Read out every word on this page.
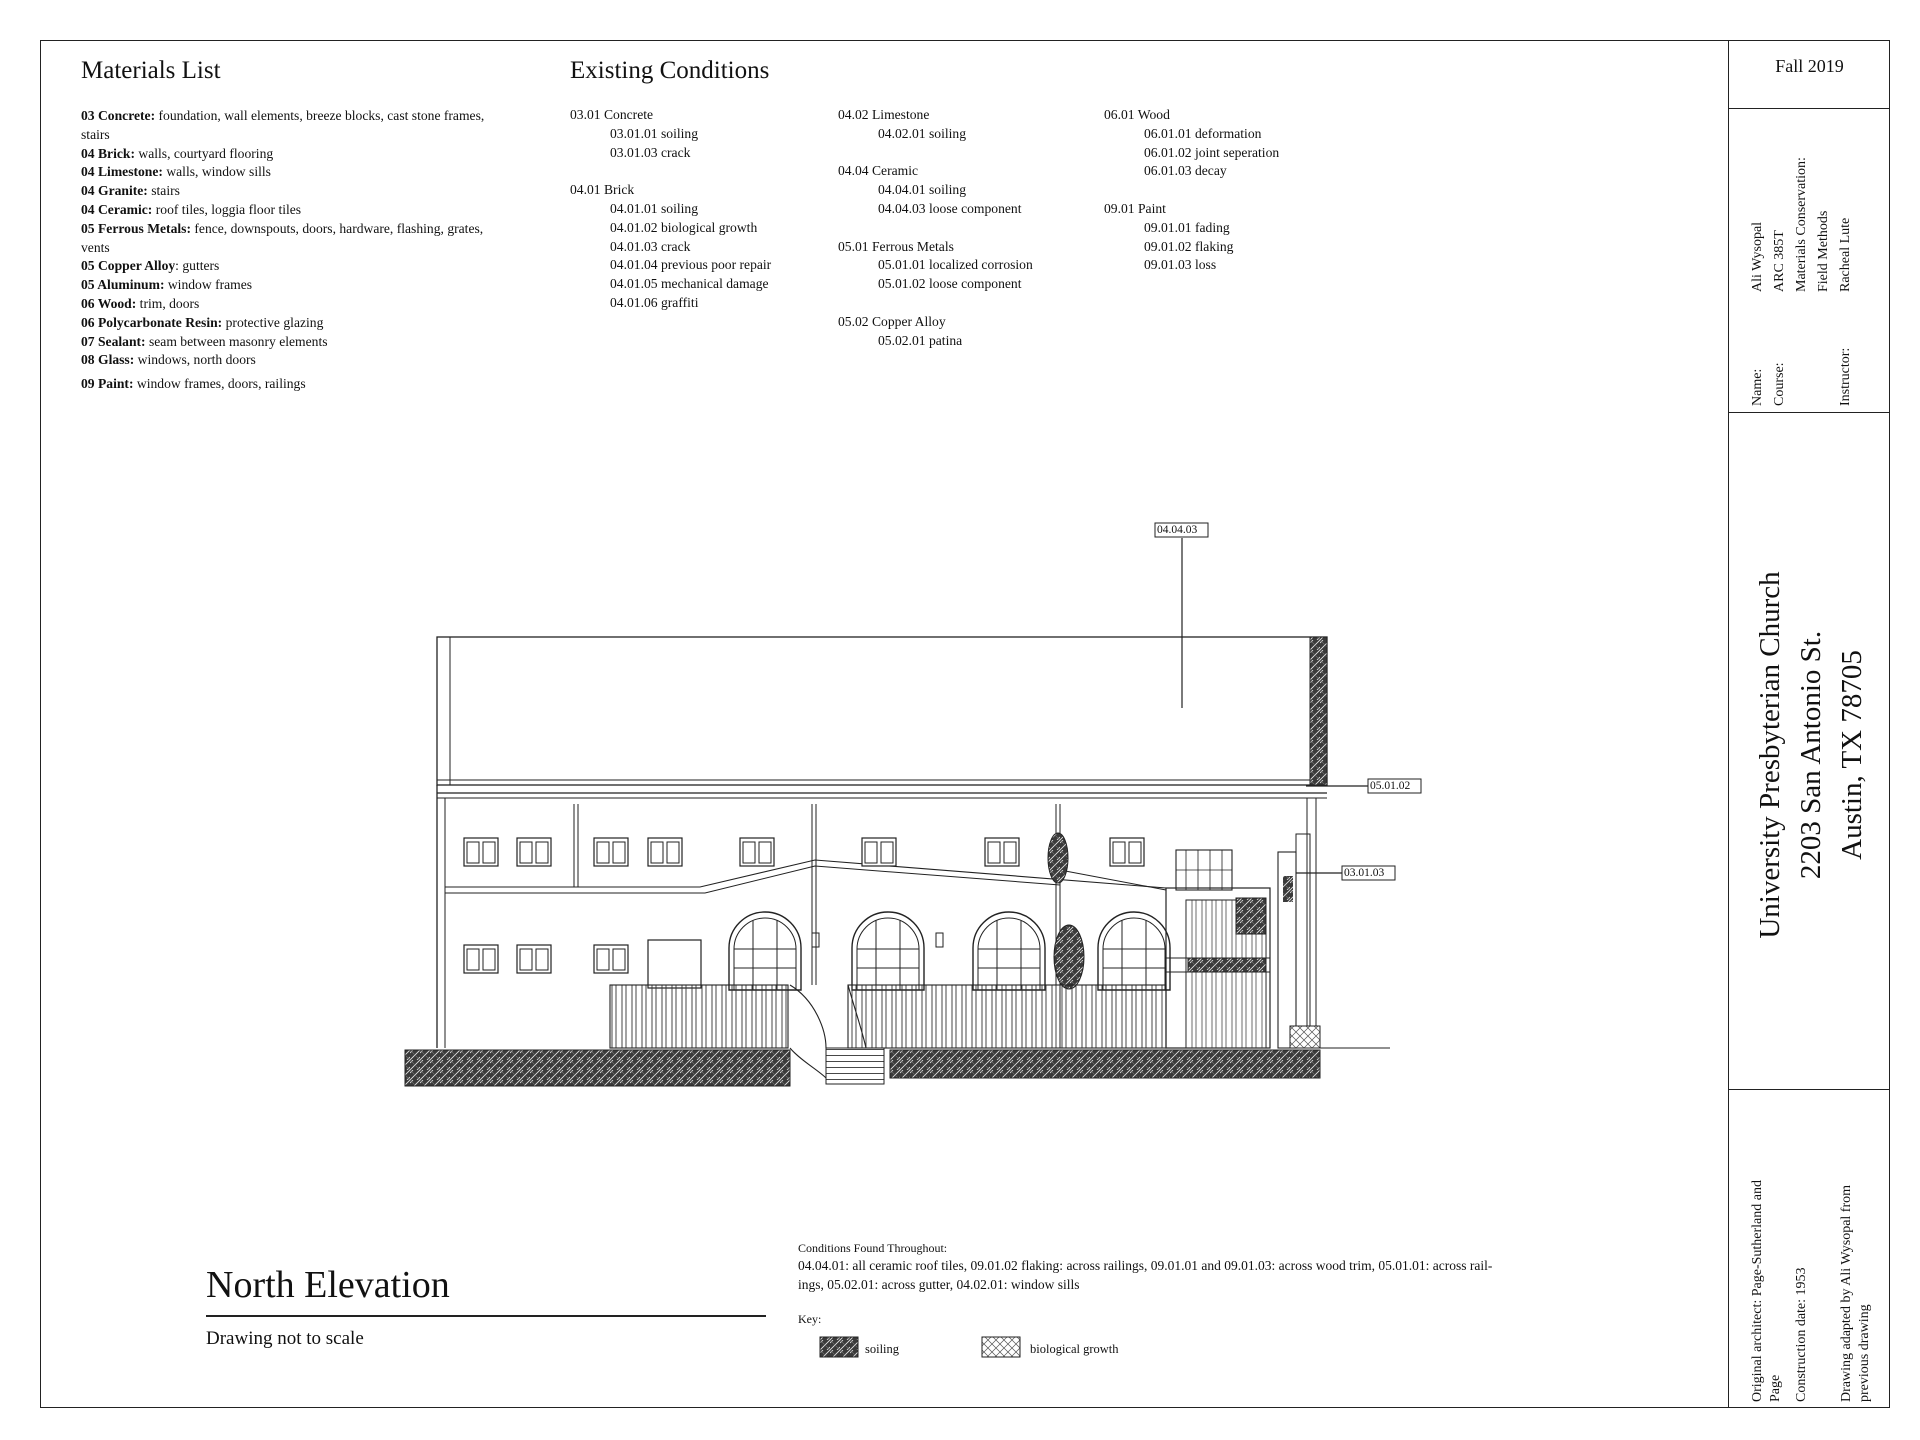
Materials List
03 Concrete: foundation, wall elements, breeze blocks, cast stone frames, stairs
04 Brick: walls, courtyard flooring
04 Limestone: walls, window sills
04 Granite: stairs
04 Ceramic: roof tiles, loggia floor tiles
05 Ferrous Metals: fence, downspouts, doors, hardware, flashing, grates, vents
05 Copper Alloy: gutters
05 Aluminum: window frames
06 Wood: trim, doors
06 Polycarbonate Resin: protective glazing
07 Sealant: seam between masonry elements
08 Glass: windows, north doors
09 Paint: window frames, doors, railings
Existing Conditions
03.01 Concrete
03.01.01 soiling
03.01.03 crack
04.01 Brick
04.01.01 soiling
04.01.02 biological growth
04.01.03 crack
04.01.04 previous poor repair
04.01.05 mechanical damage
04.01.06 graffiti
04.02 Limestone
04.02.01 soiling
04.04 Ceramic
04.04.01 soiling
04.04.03 loose component
05.01 Ferrous Metals
05.01.01 localized corrosion
05.01.02 loose component
05.02 Copper Alloy
05.02.01 patina
06.01 Wood
06.01.01 deformation
06.01.02 joint seperation
06.01.03 decay
09.01 Paint
09.01.01 fading
09.01.02 flaking
09.01.03 loss
04.04.03
05.01.02
03.01.03
North Elevation
Drawing not to scale
Conditions Found Throughout:
04.04.01: all ceramic roof tiles, 09.01.02 flaking: across railings, 09.01.01 and 09.01.03: across wood trim, 05.01.01: across rail-
ings, 05.02.01: across gutter, 04.02.01: window sills
Key:
soiling	biological growth
Fall 2019
Name: Course:	Instructor:
Ali Wysopal ARC 385T Materials Conservation: Field Methods Racheal Lute
University Presbyterian Church 2203 San Antonio St. Austin, TX 78705
Original architect: Page-Sutherland and Page Construction date: 1953 Drawing adapted by Ali Wysopal from previous drawing
